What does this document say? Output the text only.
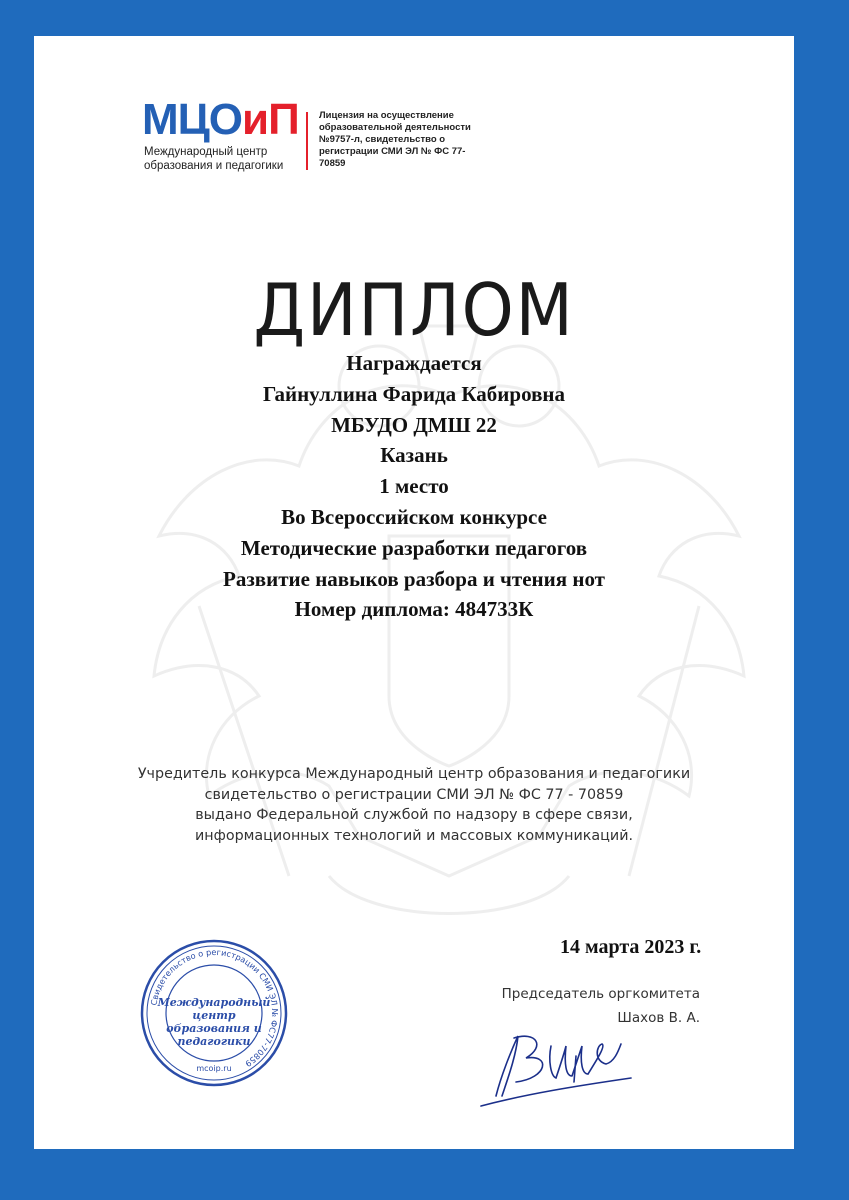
МЦОиП
Международный центр
образования и педагогики
Лицензия на осуществление образовательной деятельности №9757-л, свидетельство о регистрации СМИ ЭЛ № ФС 77-70859
ДИПЛОМ
Награждается
Гайнуллина Фарида Кабировна
МБУДО ДМШ 22
Казань
1 место
Во Всероссийском конкурсе
Методические разработки педагогов
Развитие навыков разбора и чтения нот
Номер диплома: 484733К
Учредитель конкурса Международный центр образования и педагогики
свидетельство о регистрации СМИ ЭЛ № ФС 77 - 70859
выдано Федеральной службой по надзору в сфере связи,
информационных технологий и массовых коммуникаций.
14 марта 2023 г.
Председатель оргкомитета
Шахов В. А.
Свидетельство о регистрации СМИ ЭЛ № ФС77-70859
Международный
центр
образования и
педагогики
mcoip.ru
